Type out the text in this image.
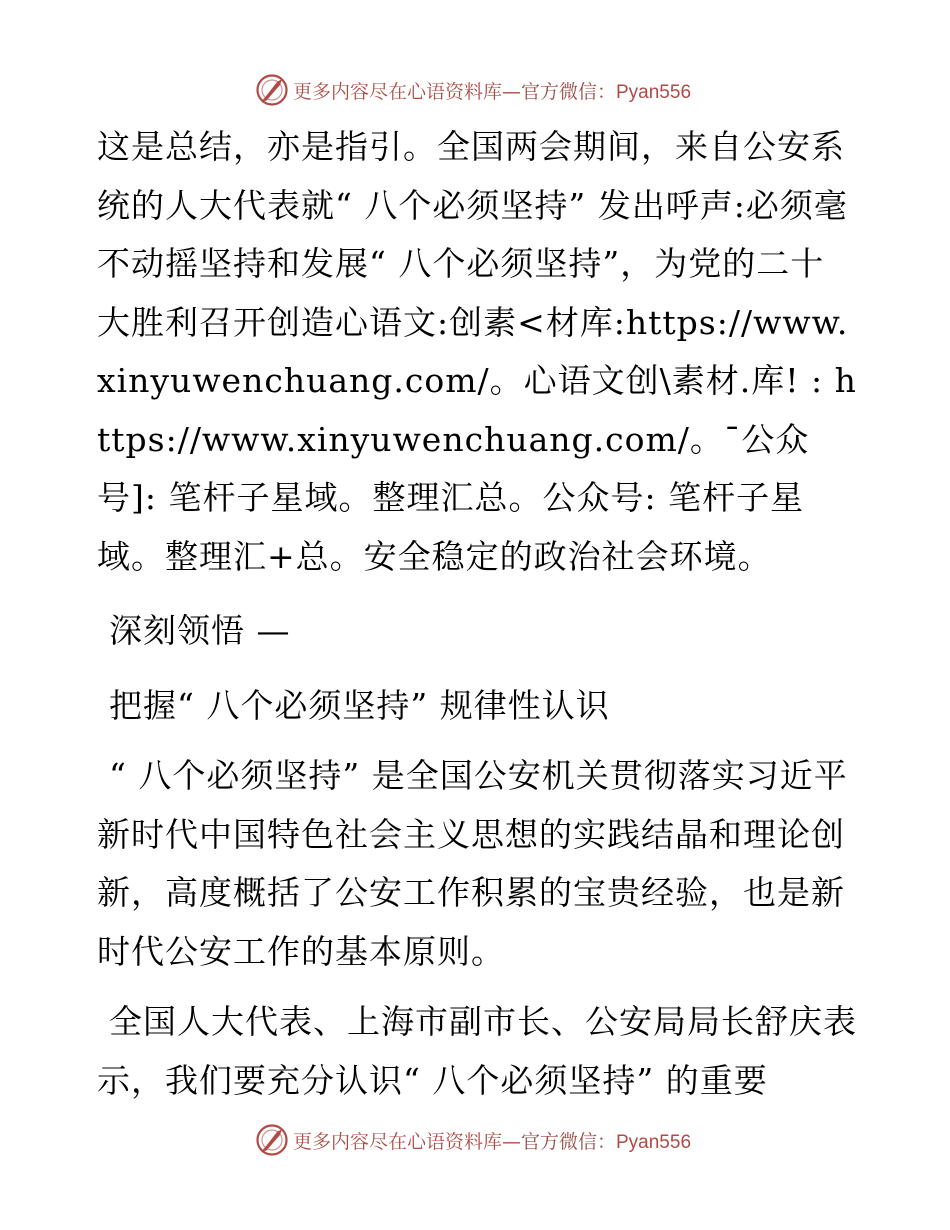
更多内容尽在心语资料库—官方微信：Pyan556

这是总结，亦是指引。全国两会期间，来自公安系统的人大代表就“ 八个必须坚持” 发出呼声:必须毫不动摇坚持和发展“ 八个必须坚持”，为党的二十大胜利召开创造心语文:创素<材库:https://www.xinyuwenchuang.com/。心语文创\素材.库! : https://www.xinyuwenchuang.com/。¯公众号]: 笔杆子星域。整理汇总。公众号: 笔杆子星域。整理汇+总。安全稳定的政治社会环境。

深刻领悟 —

把握“ 八个必须坚持” 规律性认识

“ 八个必须坚持” 是全国公安机关贯彻落实习近平新时代中国特色社会主义思想的实践结晶和理论创新，高度概括了公安工作积累的宝贵经验，也是新时代公安工作的基本原则。

全国人大代表、上海市副市长、公安局局长舒庆表示，我们要充分认识“ 八个必须坚持” 的重要

更多内容尽在心语资料库—官方微信：Pyan556
